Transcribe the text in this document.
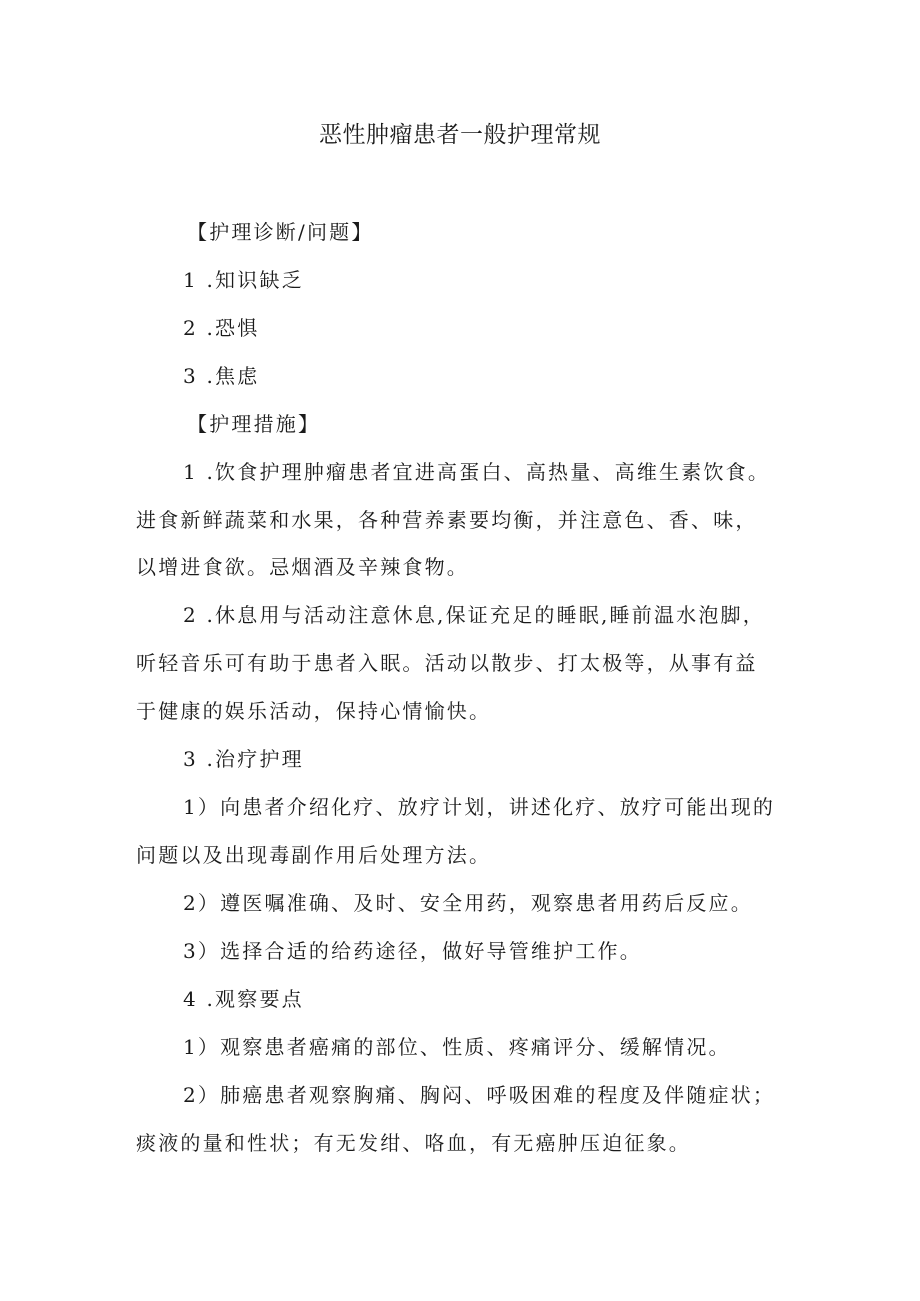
恶性肿瘤患者一般护理常规
【护理诊断/问题】
1 .知识缺乏
2 .恐惧
3 .焦虑
【护理措施】
1 .饮食护理肿瘤患者宜进高蛋白、高热量、高维生素饮食。
进食新鲜蔬菜和水果，各种营养素要均衡，并注意色、香、味，
以增进食欲。忌烟酒及辛辣食物。
2 .休息用与活动注意休息,保证充足的睡眠,睡前温水泡脚，
听轻音乐可有助于患者入眠。活动以散步、打太极等，从事有益
于健康的娱乐活动，保持心情愉快。
3 .治疗护理
1）向患者介绍化疗、放疗计划，讲述化疗、放疗可能出现的
问题以及出现毒副作用后处理方法。
2）遵医嘱准确、及时、安全用药，观察患者用药后反应。
3）选择合适的给药途径，做好导管维护工作。
4 .观察要点
1）观察患者癌痛的部位、性质、疼痛评分、缓解情况。
2）肺癌患者观察胸痛、胸闷、呼吸困难的程度及伴随症状；
痰液的量和性状；有无发绀、咯血，有无癌肿压迫征象。
